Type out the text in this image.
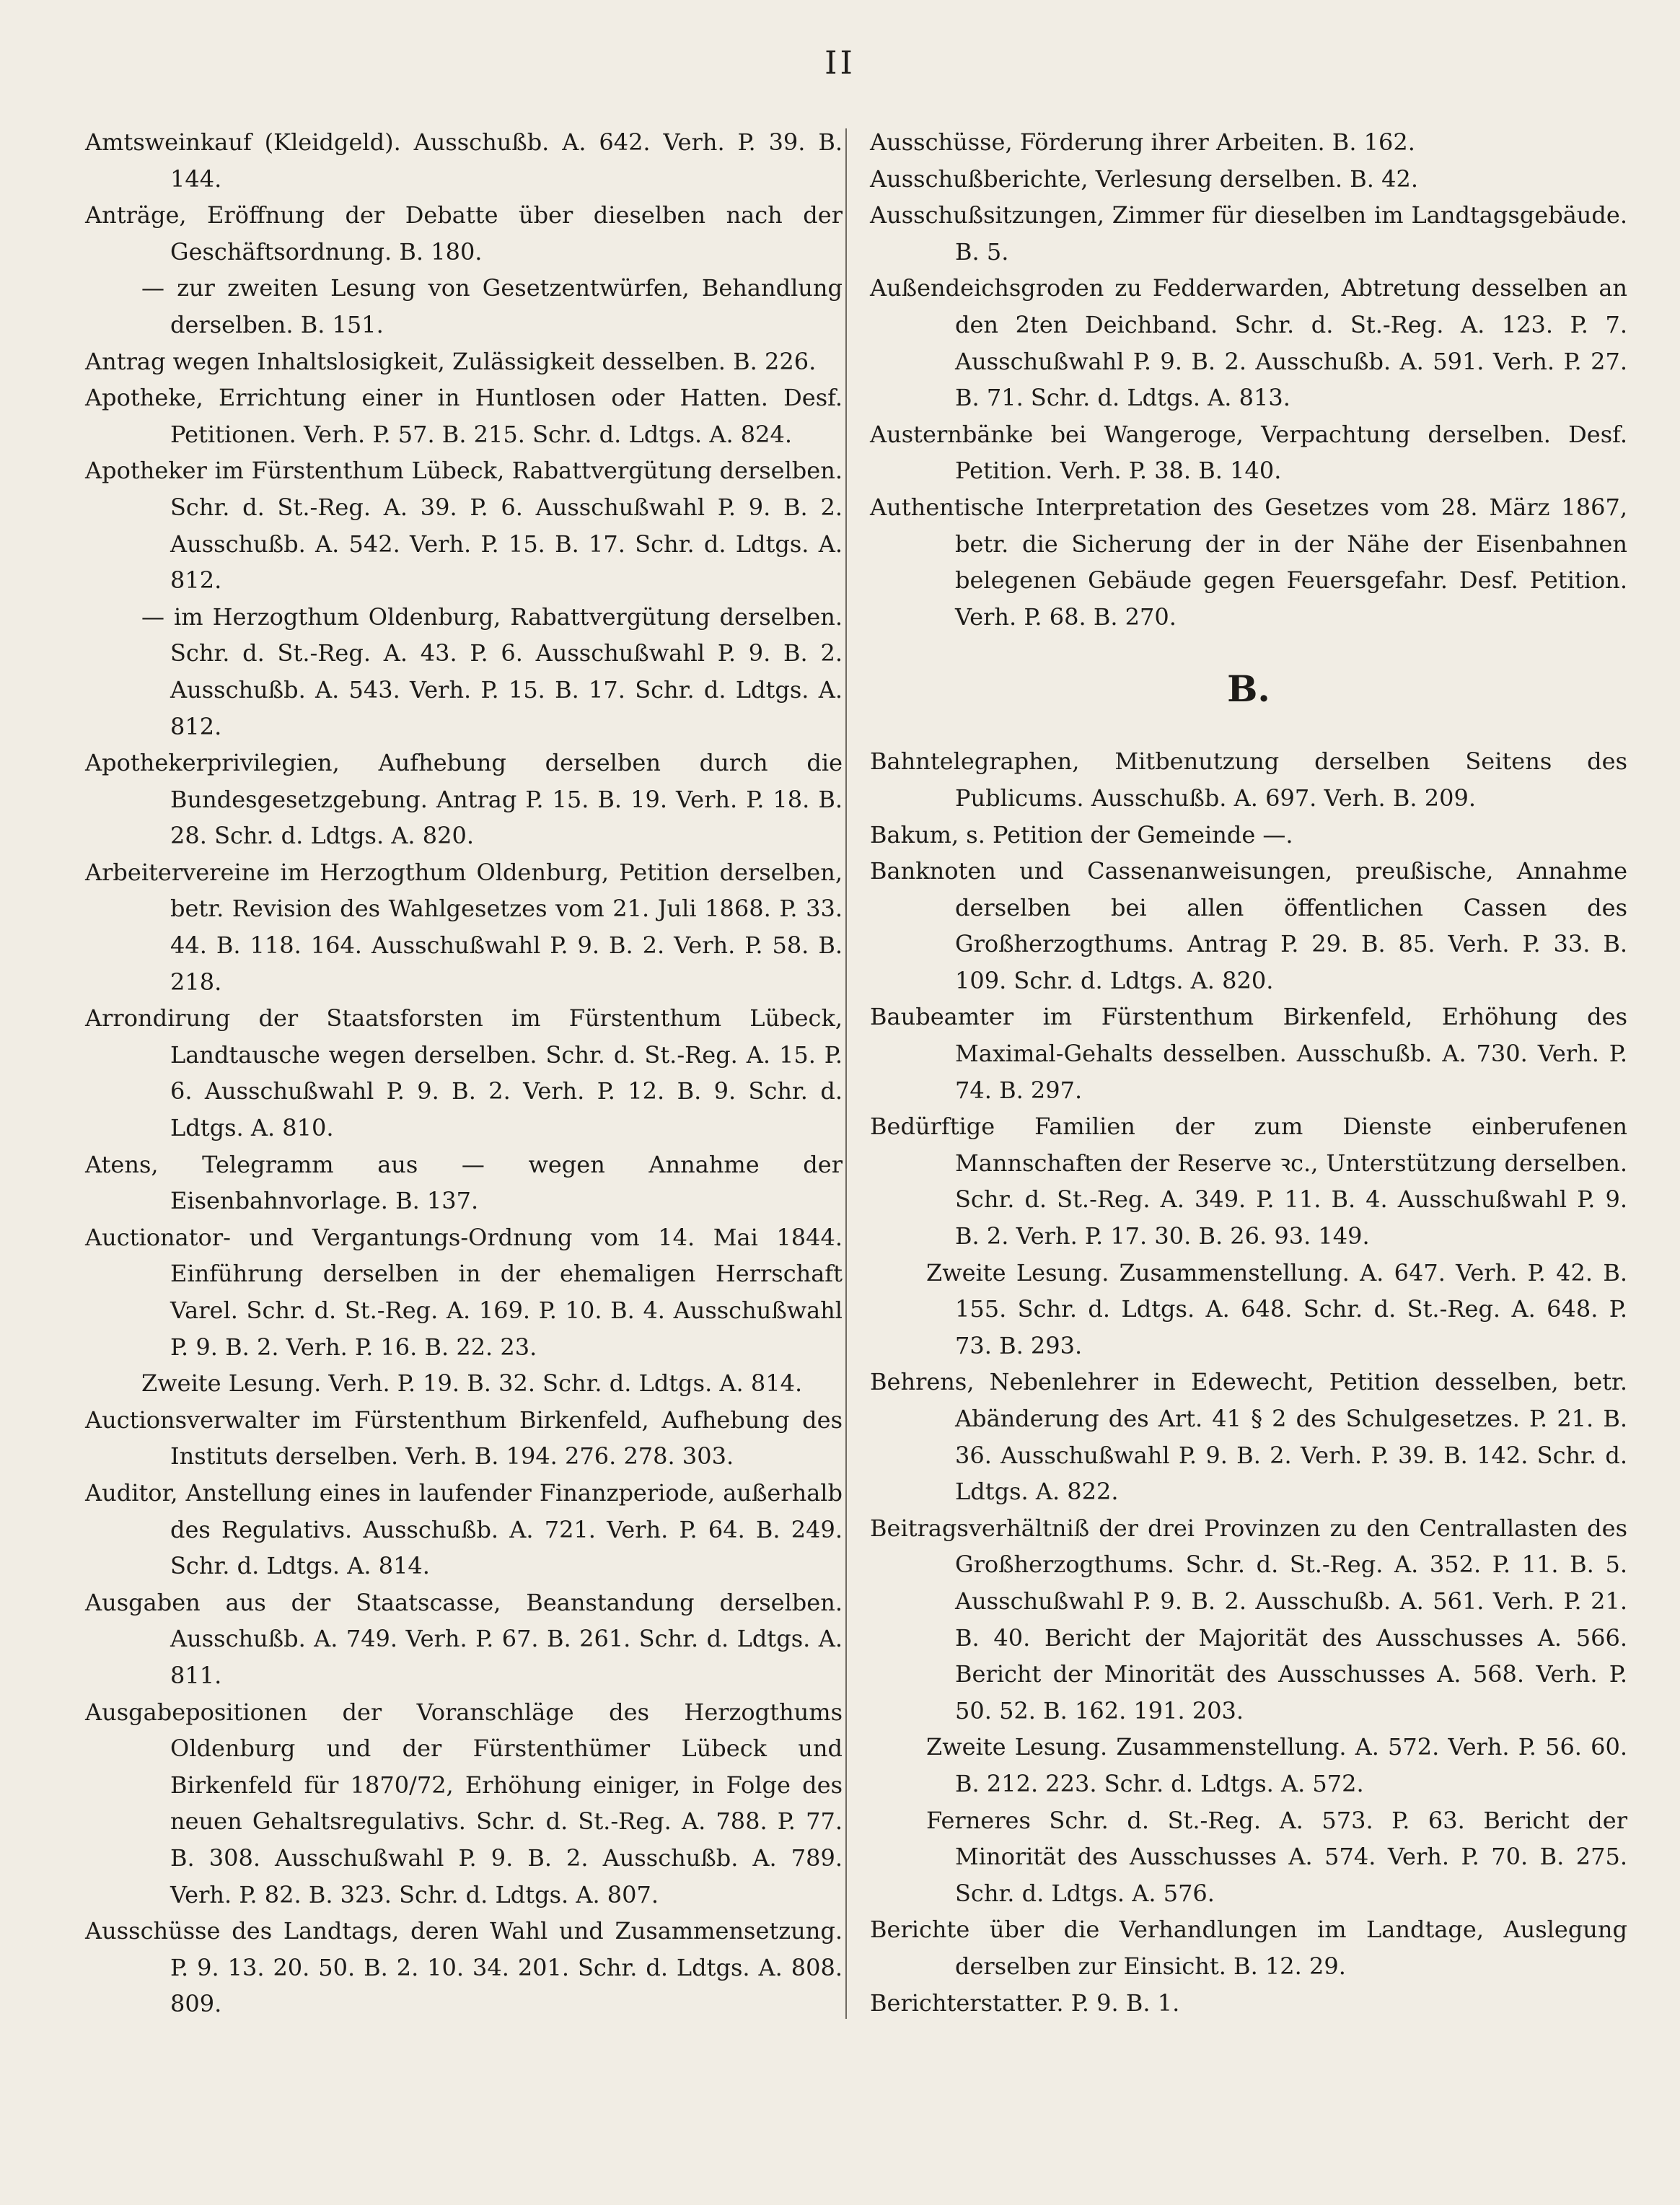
II
Amtsweinkauf (Kleidgeld). Ausschußb. A. 642. Verh. P. 39. B. 144.
Anträge, Eröffnung der Debatte über dieselben nach der Geschäftsordnung. B. 180.
— zur zweiten Lesung von Gesetzentwürfen, Behandlung derselben. B. 151.
Antrag wegen Inhaltslosigkeit, Zulässigkeit desselben. B. 226.
Apotheke, Errichtung einer in Huntlosen oder Hatten. Desf. Petitionen. Verh. P. 57. B. 215. Schr. d. Ldtgs. A. 824.
Apotheker im Fürstenthum Lübeck, Rabattvergütung derselben. Schr. d. St.-Reg. A. 39. P. 6. Ausschußwahl P. 9. B. 2. Ausschußb. A. 542. Verh. P. 15. B. 17. Schr. d. Ldtgs. A. 812.
— im Herzogthum Oldenburg, Rabattvergütung derselben. Schr. d. St.-Reg. A. 43. P. 6. Ausschußwahl P. 9. B. 2. Ausschußb. A. 543. Verh. P. 15. B. 17. Schr. d. Ldtgs. A. 812.
Apothekerprivilegien, Aufhebung derselben durch die Bundesgesetzgebung. Antrag P. 15. B. 19. Verh. P. 18. B. 28. Schr. d. Ldtgs. A. 820.
Arbeitervereine im Herzogthum Oldenburg, Petition derselben, betr. Revision des Wahlgesetzes vom 21. Juli 1868. P. 33. 44. B. 118. 164. Ausschußwahl P. 9. B. 2. Verh. P. 58. B. 218.
Arrondirung der Staatsforsten im Fürstenthum Lübeck, Landtausche wegen derselben. Schr. d. St.-Reg. A. 15. P. 6. Ausschußwahl P. 9. B. 2. Verh. P. 12. B. 9. Schr. d. Ldtgs. A. 810.
Atens, Telegramm aus — wegen Annahme der Eisenbahnvorlage. B. 137.
Auctionator- und Vergantungs-Ordnung vom 14. Mai 1844. Einführung derselben in der ehemaligen Herrschaft Varel. Schr. d. St.-Reg. A. 169. P. 10. B. 4. Ausschußwahl P. 9. B. 2. Verh. P. 16. B. 22. 23.
Zweite Lesung. Verh. P. 19. B. 32. Schr. d. Ldtgs. A. 814.
Auctionsverwalter im Fürstenthum Birkenfeld, Aufhebung des Instituts derselben. Verh. B. 194. 276. 278. 303.
Auditor, Anstellung eines in laufender Finanzperiode, außerhalb des Regulativs. Ausschußb. A. 721. Verh. P. 64. B. 249. Schr. d. Ldtgs. A. 814.
Ausgaben aus der Staatscasse, Beanstandung derselben. Ausschußb. A. 749. Verh. P. 67. B. 261. Schr. d. Ldtgs. A. 811.
Ausgabepositionen der Voranschläge des Herzogthums Oldenburg und der Fürstenthümer Lübeck und Birkenfeld für 1870/72, Erhöhung einiger, in Folge des neuen Gehaltsregulativs. Schr. d. St.-Reg. A. 788. P. 77. B. 308. Ausschußwahl P. 9. B. 2. Ausschußb. A. 789. Verh. P. 82. B. 323. Schr. d. Ldtgs. A. 807.
Ausschüsse des Landtags, deren Wahl und Zusammensetzung. P. 9. 13. 20. 50. B. 2. 10. 34. 201. Schr. d. Ldtgs. A. 808. 809.
Ausschüsse, Förderung ihrer Arbeiten. B. 162.
Ausschußberichte, Verlesung derselben. B. 42.
Ausschußsitzungen, Zimmer für dieselben im Landtagsgebäude. B. 5.
Außendeichsgroden zu Fedderwarden, Abtretung desselben an den 2ten Deichband. Schr. d. St.-Reg. A. 123. P. 7. Ausschußwahl P. 9. B. 2. Ausschußb. A. 591. Verh. P. 27. B. 71. Schr. d. Ldtgs. A. 813.
Austernbänke bei Wangeroge, Verpachtung derselben. Desf. Petition. Verh. P. 38. B. 140.
Authentische Interpretation des Gesetzes vom 28. März 1867, betr. die Sicherung der in der Nähe der Eisenbahnen belegenen Gebäude gegen Feuersgefahr. Desf. Petition. Verh. P. 68. B. 270.
B.
Bahntelegraphen, Mitbenutzung derselben Seitens des Publicums. Ausschußb. A. 697. Verh. B. 209.
Bakum, s. Petition der Gemeinde —.
Banknoten und Cassenanweisungen, preußische, Annahme derselben bei allen öffentlichen Cassen des Großherzogthums. Antrag P. 29. B. 85. Verh. P. 33. B. 109. Schr. d. Ldtgs. A. 820.
Baubeamter im Fürstenthum Birkenfeld, Erhöhung des Maximal-Gehalts desselben. Ausschußb. A. 730. Verh. P. 74. B. 297.
Bedürftige Familien der zum Dienste einberufenen Mannschaften der Reserve ꝛc., Unterstützung derselben. Schr. d. St.-Reg. A. 349. P. 11. B. 4. Ausschußwahl P. 9. B. 2. Verh. P. 17. 30. B. 26. 93. 149.
Zweite Lesung. Zusammenstellung. A. 647. Verh. P. 42. B. 155. Schr. d. Ldtgs. A. 648. Schr. d. St.-Reg. A. 648. P. 73. B. 293.
Behrens, Nebenlehrer in Edewecht, Petition desselben, betr. Abänderung des Art. 41 § 2 des Schulgesetzes. P. 21. B. 36. Ausschußwahl P. 9. B. 2. Verh. P. 39. B. 142. Schr. d. Ldtgs. A. 822.
Beitragsverhältniß der drei Provinzen zu den Centrallasten des Großherzogthums. Schr. d. St.-Reg. A. 352. P. 11. B. 5. Ausschußwahl P. 9. B. 2. Ausschußb. A. 561. Verh. P. 21. B. 40. Bericht der Majorität des Ausschusses A. 566. Bericht der Minorität des Ausschusses A. 568. Verh. P. 50. 52. B. 162. 191. 203.
Zweite Lesung. Zusammenstellung. A. 572. Verh. P. 56. 60. B. 212. 223. Schr. d. Ldtgs. A. 572.
Ferneres Schr. d. St.-Reg. A. 573. P. 63. Bericht der Minorität des Ausschusses A. 574. Verh. P. 70. B. 275. Schr. d. Ldtgs. A. 576.
Berichte über die Verhandlungen im Landtage, Auslegung derselben zur Einsicht. B. 12. 29.
Berichterstatter. P. 9. B. 1.
